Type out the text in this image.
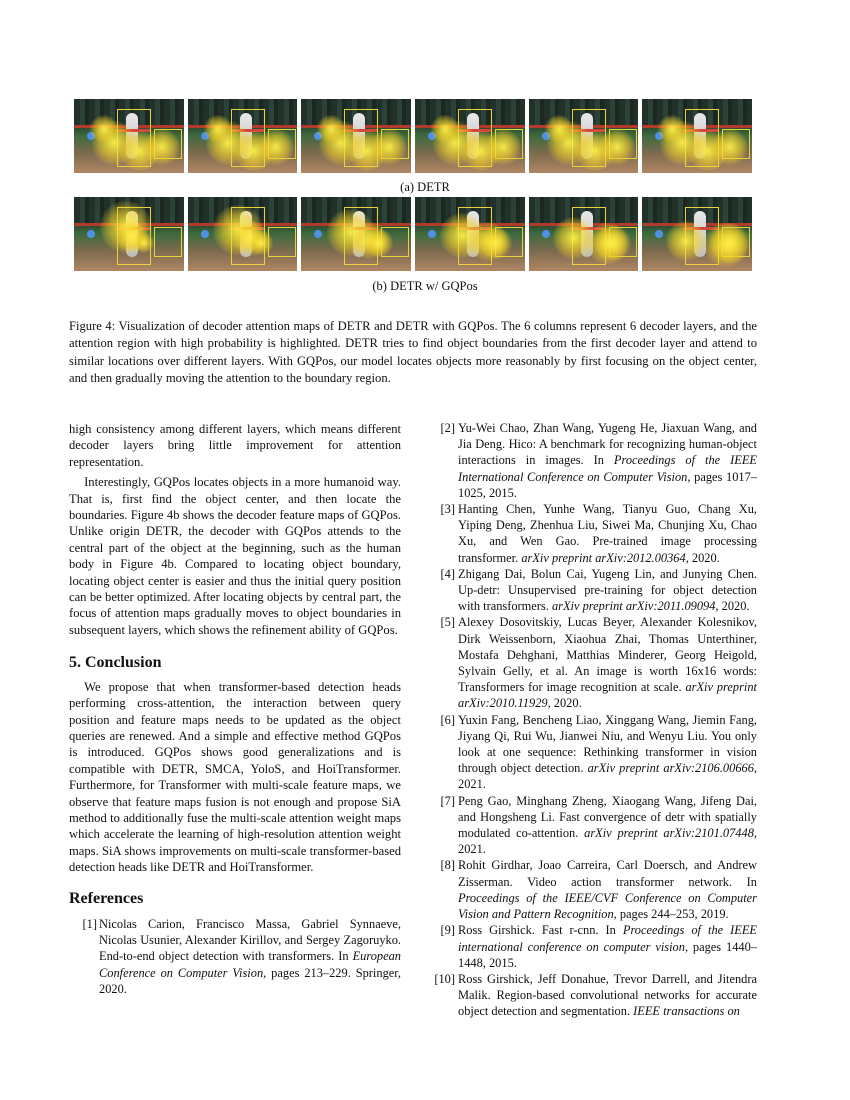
(a) DETR
(b) DETR w/ GQPos

Figure 4: Visualization of decoder attention maps of DETR and DETR with GQPos. The 6 columns represent 6 decoder layers, and the attention region with high probability is highlighted. DETR tries to find object boundaries from the first decoder layer and attend to similar locations over different layers. With GQPos, our model locates objects more reasonably by first focusing on the object center, and then gradually moving the attention to the boundary region.

high consistency among different layers, which means different decoder layers bring little improvement for attention representation.

Interestingly, GQPos locates objects in a more humanoid way. That is, first find the object center, and then locate the boundaries. Figure 4b shows the decoder feature maps of GQPos. Unlike origin DETR, the decoder with GQPos attends to the central part of the object at the beginning, such as the human body in Figure 4b. Compared to locating object boundary, locating object center is easier and thus the initial query position can be better optimized. After locating objects by central part, the focus of attention maps gradually moves to object boundaries in subsequent layers, which shows the refinement ability of GQPos.

5. Conclusion

We propose that when transformer-based detection heads performing cross-attention, the interaction between query position and feature maps needs to be updated as the object queries are renewed. And a simple and effective method GQPos is introduced. GQPos shows good generalizations and is compatible with DETR, SMCA, YoloS, and HoiTransformer. Furthermore, for Transformer with multi-scale feature maps, we observe that feature maps fusion is not enough and propose SiA method to additionally fuse the multi-scale attention weight maps which accelerate the learning of high-resolution attention weight maps. SiA shows improvements on multi-scale transformer-based detection heads like DETR and HoiTransformer.

References

[1] Nicolas Carion, Francisco Massa, Gabriel Synnaeve, Nicolas Usunier, Alexander Kirillov, and Sergey Zagoruyko. End-to-end object detection with transformers. In European Conference on Computer Vision, pages 213–229. Springer, 2020.

[2] Yu-Wei Chao, Zhan Wang, Yugeng He, Jiaxuan Wang, and Jia Deng. Hico: A benchmark for recognizing human-object interactions in images. In Proceedings of the IEEE International Conference on Computer Vision, pages 1017–1025, 2015.

[3] Hanting Chen, Yunhe Wang, Tianyu Guo, Chang Xu, Yiping Deng, Zhenhua Liu, Siwei Ma, Chunjing Xu, Chao Xu, and Wen Gao. Pre-trained image processing transformer. arXiv preprint arXiv:2012.00364, 2020.

[4] Zhigang Dai, Bolun Cai, Yugeng Lin, and Junying Chen. Up-detr: Unsupervised pre-training for object detection with transformers. arXiv preprint arXiv:2011.09094, 2020.

[5] Alexey Dosovitskiy, Lucas Beyer, Alexander Kolesnikov, Dirk Weissenborn, Xiaohua Zhai, Thomas Unterthiner, Mostafa Dehghani, Matthias Minderer, Georg Heigold, Sylvain Gelly, et al. An image is worth 16x16 words: Transformers for image recognition at scale. arXiv preprint arXiv:2010.11929, 2020.

[6] Yuxin Fang, Bencheng Liao, Xinggang Wang, Jiemin Fang, Jiyang Qi, Rui Wu, Jianwei Niu, and Wenyu Liu. You only look at one sequence: Rethinking transformer in vision through object detection. arXiv preprint arXiv:2106.00666, 2021.

[7] Peng Gao, Minghang Zheng, Xiaogang Wang, Jifeng Dai, and Hongsheng Li. Fast convergence of detr with spatially modulated co-attention. arXiv preprint arXiv:2101.07448, 2021.

[8] Rohit Girdhar, Joao Carreira, Carl Doersch, and Andrew Zisserman. Video action transformer network. In Proceedings of the IEEE/CVF Conference on Computer Vision and Pattern Recognition, pages 244–253, 2019.

[9] Ross Girshick. Fast r-cnn. In Proceedings of the IEEE international conference on computer vision, pages 1440–1448, 2015.

[10] Ross Girshick, Jeff Donahue, Trevor Darrell, and Jitendra Malik. Region-based convolutional networks for accurate object detection and segmentation. IEEE transactions on
